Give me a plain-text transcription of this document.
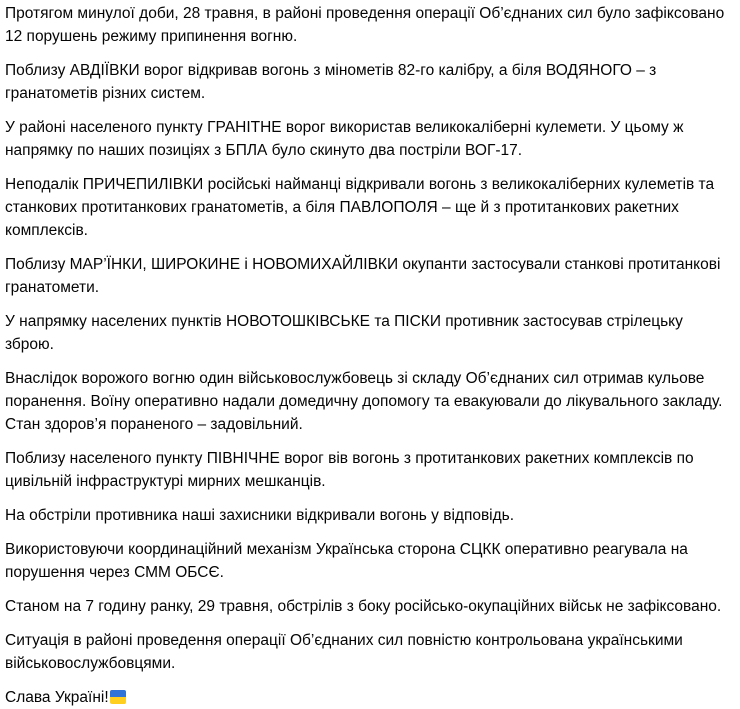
Протягом минулої доби, 28 травня, в районі проведення операції Об’єднаних сил було зафіксовано 12 порушень режиму припинення вогню.

Поблизу АВДІЇВКИ ворог відкривав вогонь з мінометів 82-го калібру, а біля ВОДЯНОГО – з гранатометів різних систем.

У районі населеного пункту ГРАНІТНЕ ворог використав великокаліберні кулемети. У цьому ж напрямку по наших позиціях з БПЛА було скинуто два постріли ВОГ-17.

Неподалік ПРИЧЕПИЛІВКИ російські найманці відкривали вогонь з великокаліберних кулеметів та станкових протитанкових гранатометів, а біля ПАВЛОПОЛЯ – ще й з протитанкових ракетних комплексів.

Поблизу МАР’ЇНКИ, ШИРОКИНЕ і НОВОМИХАЙЛІВКИ окупанти застосували станкові протитанкові гранатомети.

У напрямку населених пунктів НОВОТОШКІВСЬКЕ та ПІСКИ противник застосував стрілецьку зброю.

Внаслідок ворожого вогню один військовослужбовець зі складу Об’єднаних сил отримав кульове поранення. Воїну оперативно надали домедичну допомогу та евакуювали до лікувального закладу. Стан здоров’я пораненого – задовільний.

Поблизу населеного пункту ПІВНІЧНЕ ворог вів вогонь з протитанкових ракетних комплексів по цивільній інфраструктурі мирних мешканців.

На обстріли противника наші захисники відкривали вогонь у відповідь.

Використовуючи координаційний механізм Українська сторона СЦКК оперативно реагувала на порушення через СММ ОБСЄ.

Станом на 7 годину ранку, 29 травня, обстрілів з боку російсько-окупаційних військ не зафіксовано.

Ситуація в районі проведення операції Об’єднаних сил повністю контрольована українськими військовослужбовцями.

Слава Україні!
